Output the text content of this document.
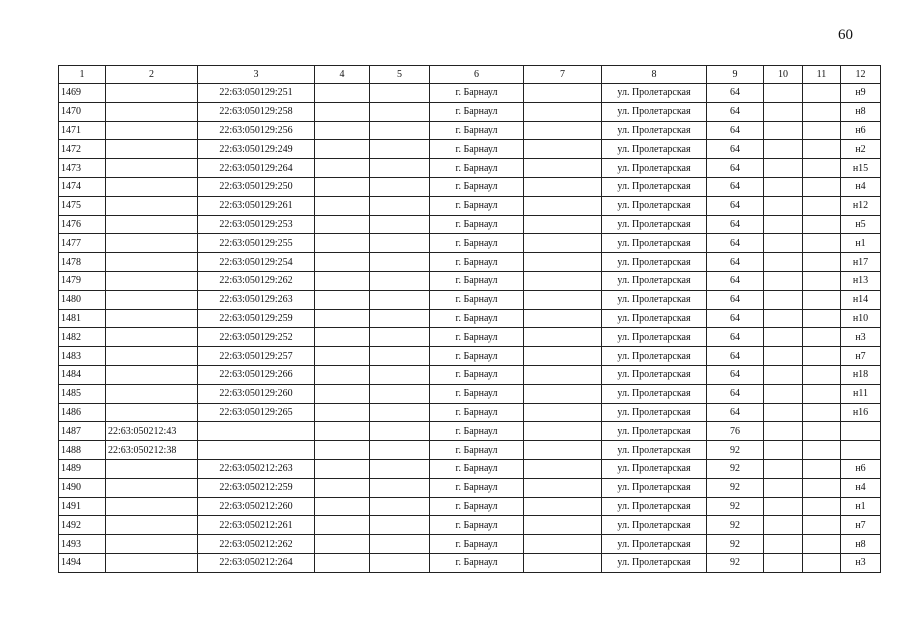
60
1	2	3	4	5	6	7	8	9	10	11	12
1469		22:63:050129:251			г. Барнаул		ул. Пролетарская	64			н9
1470		22:63:050129:258			г. Барнаул		ул. Пролетарская	64			н8
1471		22:63:050129:256			г. Барнаул		ул. Пролетарская	64			н6
1472		22:63:050129:249			г. Барнаул		ул. Пролетарская	64			н2
1473		22:63:050129:264			г. Барнаул		ул. Пролетарская	64			н15
1474		22:63:050129:250			г. Барнаул		ул. Пролетарская	64			н4
1475		22:63:050129:261			г. Барнаул		ул. Пролетарская	64			н12
1476		22:63:050129:253			г. Барнаул		ул. Пролетарская	64			н5
1477		22:63:050129:255			г. Барнаул		ул. Пролетарская	64			н1
1478		22:63:050129:254			г. Барнаул		ул. Пролетарская	64			н17
1479		22:63:050129:262			г. Барнаул		ул. Пролетарская	64			н13
1480		22:63:050129:263			г. Барнаул		ул. Пролетарская	64			н14
1481		22:63:050129:259			г. Барнаул		ул. Пролетарская	64			н10
1482		22:63:050129:252			г. Барнаул		ул. Пролетарская	64			н3
1483		22:63:050129:257			г. Барнаул		ул. Пролетарская	64			н7
1484		22:63:050129:266			г. Барнаул		ул. Пролетарская	64			н18
1485		22:63:050129:260			г. Барнаул		ул. Пролетарская	64			н11
1486		22:63:050129:265			г. Барнаул		ул. Пролетарская	64			н16
1487	22:63:050212:43				г. Барнаул		ул. Пролетарская	76			
1488	22:63:050212:38				г. Барнаул		ул. Пролетарская	92			
1489		22:63:050212:263			г. Барнаул		ул. Пролетарская	92			н6
1490		22:63:050212:259			г. Барнаул		ул. Пролетарская	92			н4
1491		22:63:050212:260			г. Барнаул		ул. Пролетарская	92			н1
1492		22:63:050212:261			г. Барнаул		ул. Пролетарская	92			н7
1493		22:63:050212:262			г. Барнаул		ул. Пролетарская	92			н8
1494		22:63:050212:264			г. Барнаул		ул. Пролетарская	92			н3
